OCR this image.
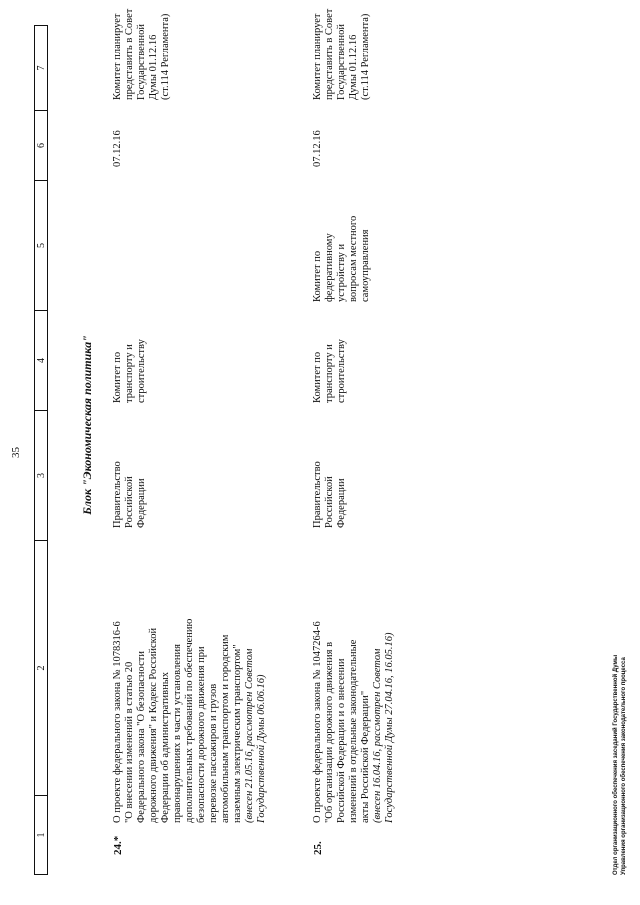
35
1
2
3
4
5
6
7
Блок "Экономическая политика"
24.*
О проекте федерального закона № 1078316-6 "О внесении изменений в статью 20 Федерального закона "О безопасности дорожного движения" и Кодекс Российской Федерации об административных правонарушениях в части установления дополнительных требований по обеспечению безопасности дорожного движения при перевозке пассажиров и грузов автомобильным транспортом и городским наземным электрическим транспортом" (внесен 21.05.16, рассмотрен Советом Государственной Думы 06.06.16)
Правительство Российской Федерации
Комитет по транспорту и строительству
Комитет планирует представить в Совет Государственной Думы 01.12.16 (ст.114 Регламента)
07.12.16
25.
О проекте федерального закона № 1047264-6 "Об организации дорожного движения в Российской Федерации и о внесении изменений в отдельные законодательные акты Российской Федерации" (внесен 16.04.16, рассмотрен Советом Государственной Думы 27.04.16, 16.05.16)
Правительство Российской Федерации
Комитет по транспорту и строительству
Комитет по федеративному устройству и вопросам местного самоуправления
Комитет планирует представить в Совет Государственной Думы 01.12.16 (ст.114 Регламента)
07.12.16
Отдел организационного обеспечения заседаний Государственной Думы Управления организационного обеспечения законодательного процесса
